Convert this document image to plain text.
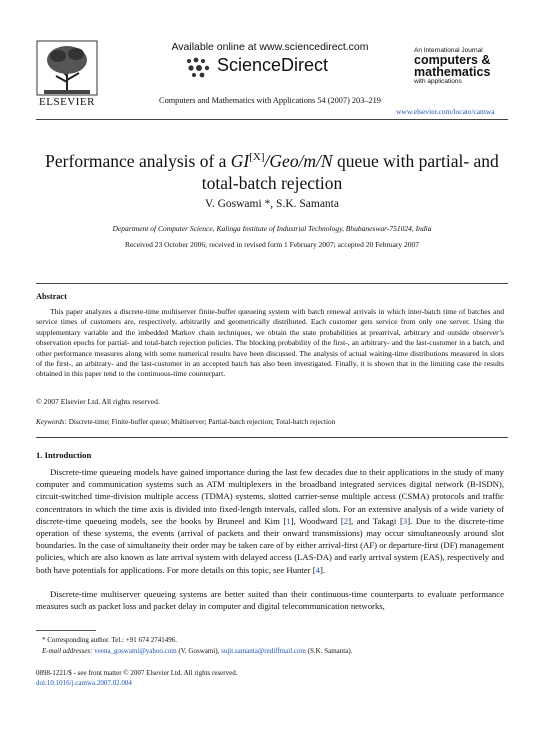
ELSEVIER
Available online at www.sciencedirect.com
ScienceDirect
Computers and Mathematics with Applications 54 (2007) 203–219
An International Journal
computers &
mathematics
with applications
www.elsevier.com/locate/camwa
Performance analysis of a GI[X]/Geo/m/N queue with partial- and
total-batch rejection
V. Goswami *, S.K. Samanta
Department of Computer Science, Kalinga Institute of Industrial Technology, Bhubaneswar-751024, India
Received 23 October 2006; received in revised form 1 February 2007; accepted 20 February 2007
Abstract
This paper analyzes a discrete-time multiserver finite-buffer queueing system with batch renewal arrivals in which inter-batch time of batches and service times of customers are, respectively, arbitrarily and geometrically distributed. Each customer gets service from only one server. Using the supplementary variable and the imbedded Markov chain techniques, we obtain the state probabilities at prearrival, arbitrary and outside observer’s observation epochs for partial- and total-batch rejection policies. The blocking probability of the first-, an arbitrary- and the last-customer in a batch, and other performance measures along with some numerical results have been discussed. The analysis of actual waiting-time distributions measured in slots of the first-, an arbitrary- and the last-customer in an accepted batch has also been investigated. Finally, it is shown that in the limiting case the results obtained in this paper tend to the continuous-time counterpart.
© 2007 Elsevier Ltd. All rights reserved.
Keywords: Discrete-time; Finite-buffer queue; Multiserver; Partial-batch rejection; Total-batch rejection
1. Introduction
Discrete-time queueing models have gained importance during the last few decades due to their applications in the study of many computer and communication systems such as ATM multiplexers in the broadband integrated services digital network (B-ISDN), circuit-switched time-division multiple access (TDMA) systems, slotted carrier-sense multiple access (CSMA) protocols and traffic concentrators in which the time axis is divided into fixed-length intervals, called slots. For an extensive analysis of a wide variety of discrete-time queueing models, see the books by Bruneel and Kim [1], Woodward [2], and Takagi [3]. Due to the discrete-time operation of these systems, the events (arrival of packets and their onward transmissions) may occur simultaneously around slot boundaries. In the case of simultaneity their order may be taken care of by either arrival-first (AF) or departure-first (DF) management policies, which are also known as late arrival system with delayed access (LAS-DA) and early arrival system (EAS), respectively and both have potentials for applications. For more details on this topic, see Hunter [4].
Discrete-time multiserver queueing systems are better suited than their continuous-time counterparts to evaluate performance measures such as packet loss and packet delay in computer and digital telecommunication networks,
* Corresponding author. Tel.: +91 674 2741496.
E-mail addresses: veena_goswami@yahoo.com (V. Goswami), sujit.samanta@rediffmail.com (S.K. Samanta).
0898-1221/$ - see front matter © 2007 Elsevier Ltd. All rights reserved.
doi:10.1016/j.camwa.2007.02.004
